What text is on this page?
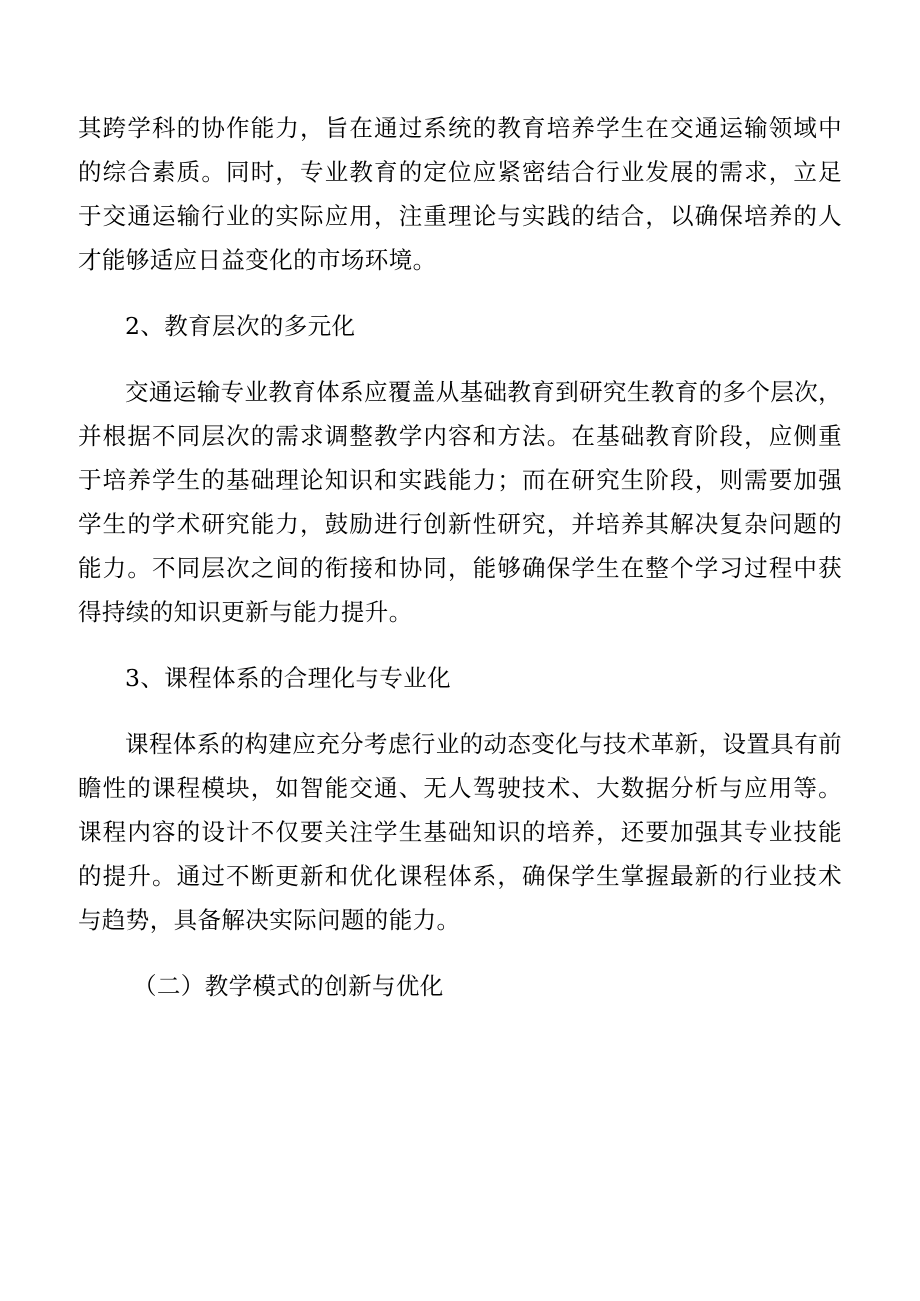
其跨学科的协作能力，旨在通过系统的教育培养学生在交通运输领域中的综合素质。同时，专业教育的定位应紧密结合行业发展的需求，立足于交通运输行业的实际应用，注重理论与实践的结合，以确保培养的人才能够适应日益变化的市场环境。

2、教育层次的多元化

交通运输专业教育体系应覆盖从基础教育到研究生教育的多个层次，并根据不同层次的需求调整教学内容和方法。在基础教育阶段，应侧重于培养学生的基础理论知识和实践能力；而在研究生阶段，则需要加强学生的学术研究能力，鼓励进行创新性研究，并培养其解决复杂问题的能力。不同层次之间的衔接和协同，能够确保学生在整个学习过程中获得持续的知识更新与能力提升。

3、课程体系的合理化与专业化

课程体系的构建应充分考虑行业的动态变化与技术革新，设置具有前瞻性的课程模块，如智能交通、无人驾驶技术、大数据分析与应用等。课程内容的设计不仅要关注学生基础知识的培养，还要加强其专业技能的提升。通过不断更新和优化课程体系，确保学生掌握最新的行业技术与趋势，具备解决实际问题的能力。

（二）教学模式的创新与优化
